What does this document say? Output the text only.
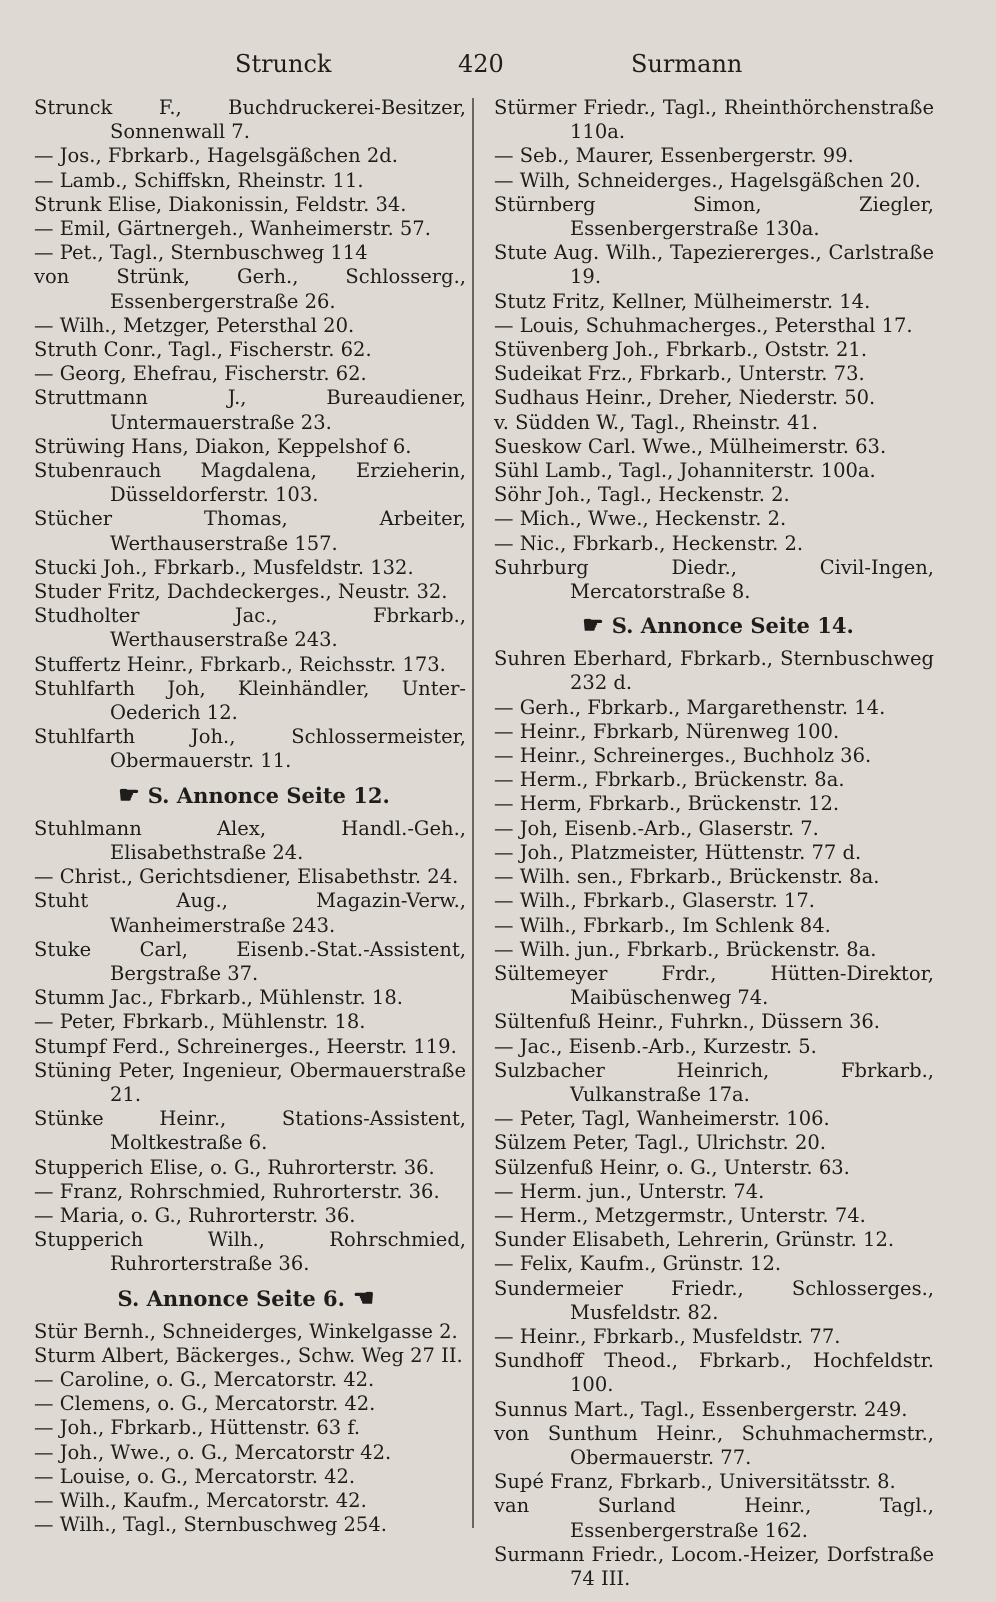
Strunck	420	Surmann
Strunck F., Buchdruckerei-Besitzer, Sonnenwall 7.
— Jos., Fbrkarb., Hagelsgäßchen 2d.
— Lamb., Schiffskn, Rheinstr. 11.
Strunk Elise, Diakonissin, Feldstr. 34.
— Emil, Gärtnergeh., Wanheimerstr. 57.
— Pet., Tagl., Sternbuschweg 114
von Strünk, Gerh., Schlosserg., Essenbergerstraße 26.
— Wilh., Metzger, Petersthal 20.
Struth Conr., Tagl., Fischerstr. 62.
— Georg, Ehefrau, Fischerstr. 62.
Struttmann J., Bureaudiener, Untermauerstraße 23.
Strüwing Hans, Diakon, Keppelshof 6.
Stubenrauch Magdalena, Erzieherin, Düsseldorferstr. 103.
Stücher Thomas, Arbeiter, Werthauserstraße 157.
Stucki Joh., Fbrkarb., Musfeldstr. 132.
Studer Fritz, Dachdeckerges., Neustr. 32.
Studholter Jac., Fbrkarb., Werthauserstraße 243.
Stuffertz Heinr., Fbrkarb., Reichsstr. 173.
Stuhlfarth Joh, Kleinhändler, Unter-Oederich 12.
Stuhlfarth Joh., Schlossermeister, Obermauerstr. 11.
☛ S. Annonce Seite 12.
Stuhlmann Alex, Handl.-Geh., Elisabethstraße 24.
— Christ., Gerichtsdiener, Elisabethstr. 24.
Stuht Aug., Magazin-Verw., Wanheimerstraße 243.
Stuke Carl, Eisenb.-Stat.-Assistent, Bergstraße 37.
Stumm Jac., Fbrkarb., Mühlenstr. 18.
— Peter, Fbrkarb., Mühlenstr. 18.
Stumpf Ferd., Schreinerges., Heerstr. 119.
Stüning Peter, Ingenieur, Obermauerstraße 21.
Stünke Heinr., Stations-Assistent, Moltkestraße 6.
Stupperich Elise, o. G., Ruhrorterstr. 36.
— Franz, Rohrschmied, Ruhrorterstr. 36.
— Maria, o. G., Ruhrorterstr. 36.
Stupperich Wilh., Rohrschmied, Ruhrorterstraße 36.
S. Annonce Seite 6. ☚
Stür Bernh., Schneiderges, Winkelgasse 2.
Sturm Albert, Bäckerges., Schw. Weg 27 II.
— Caroline, o. G., Mercatorstr. 42.
— Clemens, o. G., Mercatorstr. 42.
— Joh., Fbrkarb., Hüttenstr. 63 f.
— Joh., Wwe., o. G., Mercatorstr 42.
— Louise, o. G., Mercatorstr. 42.
— Wilh., Kaufm., Mercatorstr. 42.
— Wilh., Tagl., Sternbuschweg 254.
Stürmer Friedr., Tagl., Rheinthörchenstraße 110a.
— Seb., Maurer, Essenbergerstr. 99.
— Wilh, Schneiderges., Hagelsgäßchen 20.
Stürnberg Simon, Ziegler, Essenbergerstraße 130a.
Stute Aug. Wilh., Tapeziererges., Carlstraße 19.
Stutz Fritz, Kellner, Mülheimerstr. 14.
— Louis, Schuhmacherges., Petersthal 17.
Stüvenberg Joh., Fbrkarb., Oststr. 21.
Sudeikat Frz., Fbrkarb., Unterstr. 73.
Sudhaus Heinr., Dreher, Niederstr. 50.
v. Südden W., Tagl., Rheinstr. 41.
Sueskow Carl. Wwe., Mülheimerstr. 63.
Sühl Lamb., Tagl., Johanniterstr. 100a.
Söhr Joh., Tagl., Heckenstr. 2.
— Mich., Wwe., Heckenstr. 2.
— Nic., Fbrkarb., Heckenstr. 2.
Suhrburg Diedr., Civil-Ingen, Mercatorstraße 8.
☛ S. Annonce Seite 14.
Suhren Eberhard, Fbrkarb., Sternbuschweg 232 d.
— Gerh., Fbrkarb., Margarethenstr. 14.
— Heinr., Fbrkarb, Nürenweg 100.
— Heinr., Schreinerges., Buchholz 36.
— Herm., Fbrkarb., Brückenstr. 8a.
— Herm, Fbrkarb., Brückenstr. 12.
— Joh, Eisenb.-Arb., Glaserstr. 7.
— Joh., Platzmeister, Hüttenstr. 77 d.
— Wilh. sen., Fbrkarb., Brückenstr. 8a.
— Wilh., Fbrkarb., Glaserstr. 17.
— Wilh., Fbrkarb., Im Schlenk 84.
— Wilh. jun., Fbrkarb., Brückenstr. 8a.
Sültemeyer Frdr., Hütten-Direktor, Maibüschenweg 74.
Sültenfuß Heinr., Fuhrkn., Düssern 36.
— Jac., Eisenb.-Arb., Kurzestr. 5.
Sulzbacher Heinrich, Fbrkarb., Vulkanstraße 17a.
— Peter, Tagl, Wanheimerstr. 106.
Sülzem Peter, Tagl., Ulrichstr. 20.
Sülzenfuß Heinr, o. G., Unterstr. 63.
— Herm. jun., Unterstr. 74.
— Herm., Metzgermstr., Unterstr. 74.
Sunder Elisabeth, Lehrerin, Grünstr. 12.
— Felix, Kaufm., Grünstr. 12.
Sundermeier Friedr., Schlosserges., Musfeldstr. 82.
— Heinr., Fbrkarb., Musfeldstr. 77.
Sundhoff Theod., Fbrkarb., Hochfeldstr. 100.
Sunnus Mart., Tagl., Essenbergerstr. 249.
von Sunthum Heinr., Schuhmachermstr., Obermauerstr. 77.
Supé Franz, Fbrkarb., Universitätsstr. 8.
van Surland Heinr., Tagl., Essenbergerstraße 162.
Surmann Friedr., Locom.-Heizer, Dorfstraße 74 III.
